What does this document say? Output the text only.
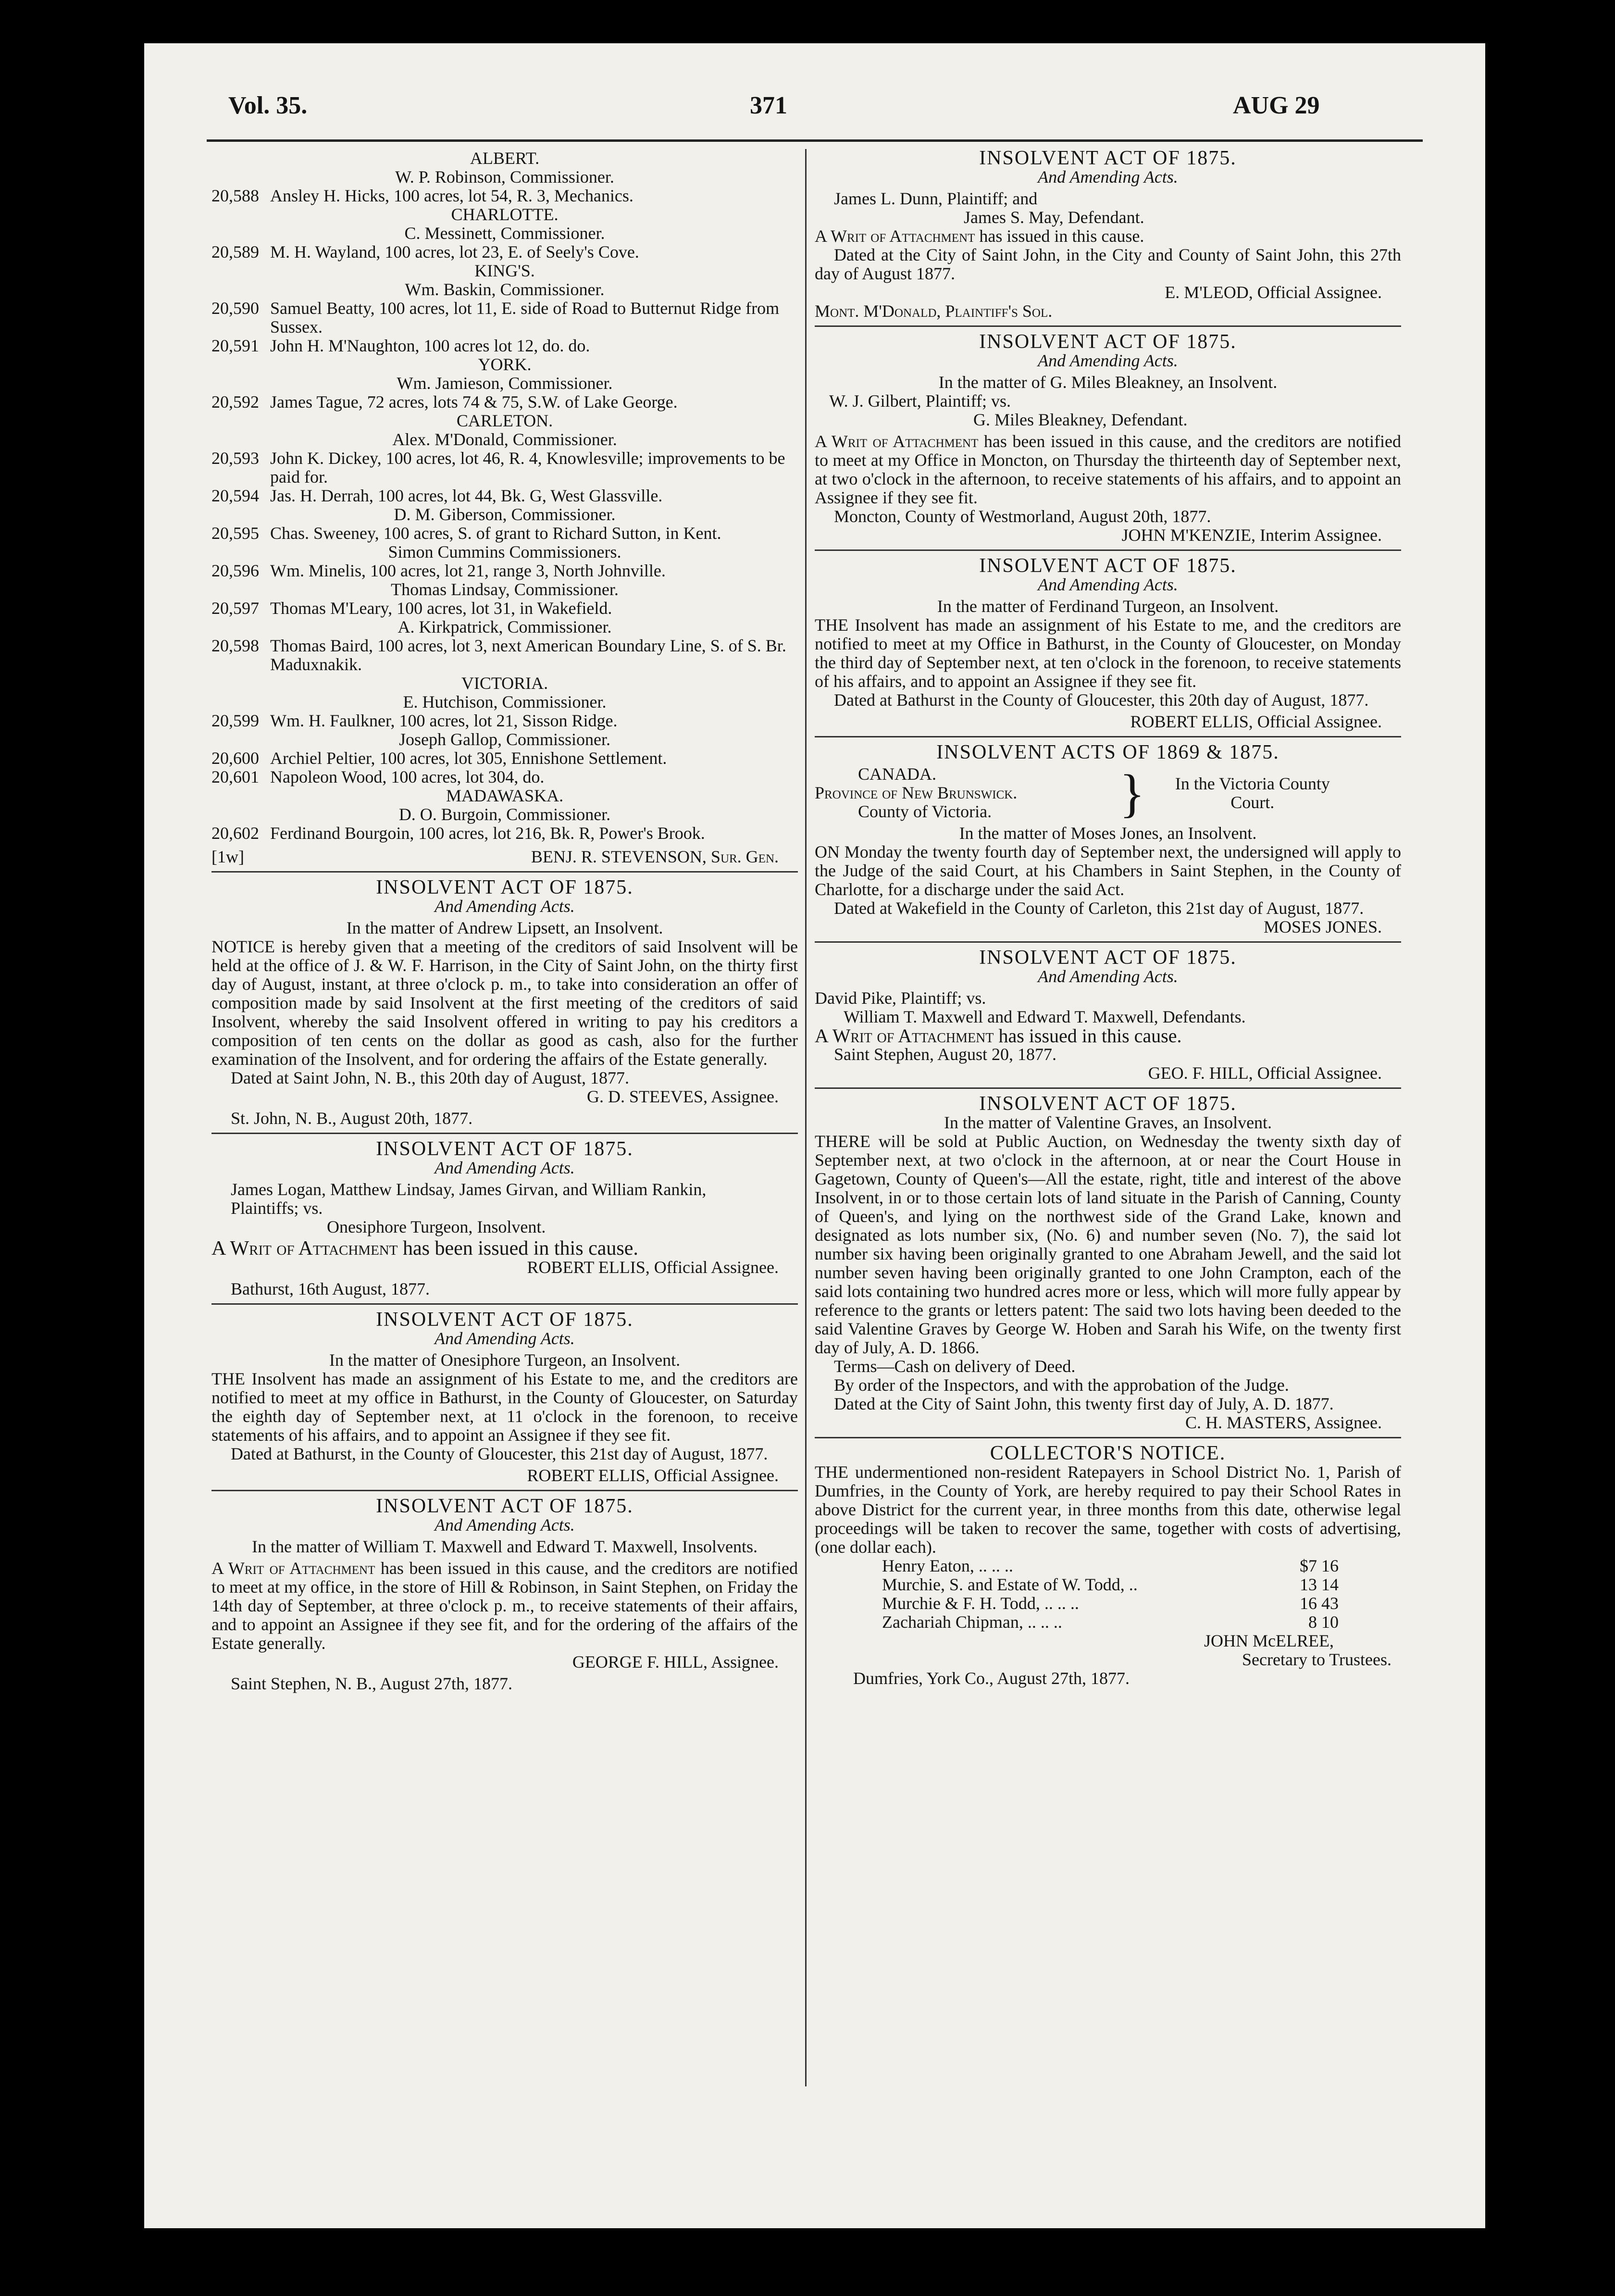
Vol. 35.	371	AUG 29
ALBERT.
W. P. Robinson, Commissioner.
20,588 Ansley H. Hicks, 100 acres, lot 54, R. 3, Mechanics.
CHARLOTTE.
C. Messinett, Commissioner.
20,589 M. H. Wayland, 100 acres, lot 23, E. of Seely's Cove.
KING'S.
Wm. Baskin, Commissioner.
20,590 Samuel Beatty, 100 acres, lot 11, E. side of Road to Butternut Ridge from Sussex.
20,591 John H. M'Naughton, 100 acres lot 12, do. do.
YORK.
Wm. Jamieson, Commissioner.
20,592 James Tague, 72 acres, lots 74 & 75, S.W. of Lake George.
CARLETON.
Alex. M'Donald, Commissioner.
20,593 John K. Dickey, 100 acres, lot 46, R. 4, Knowlesville; improvements to be paid for.
20,594 Jas. H. Derrah, 100 acres, lot 44, Bk. G, West Glassville.
D. M. Giberson, Commissioner.
20,595 Chas. Sweeney, 100 acres, S. of grant to Richard Sutton, in Kent.
Simon Cummins Commissioners.
20,596 Wm. Minelis, 100 acres, lot 21, range 3, North Johnville.
Thomas Lindsay, Commissioner.
20,597 Thomas M'Leary, 100 acres, lot 31, in Wakefield.
A. Kirkpatrick, Commissioner.
20,598 Thomas Baird, 100 acres, lot 3, next American Boundary Line, S. of S. Br. Maduxnakik.
VICTORIA.
E. Hutchison, Commissioner.
20,599 Wm. H. Faulkner, 100 acres, lot 21, Sisson Ridge.
Joseph Gallop, Commissioner.
20,600 Archiel Peltier, 100 acres, lot 305, Ennishone Settlement.
20,601 Napoleon Wood, 100 acres, lot 304, do.
MADAWASKA.
D. O. Burgoin, Commissioner.
20,602 Ferdinand Bourgoin, 100 acres, lot 216, Bk. R, Power's Brook.
[1w]	BENJ. R. STEVENSON, Sur. Gen.
INSOLVENT ACT OF 1875.
And Amending Acts.
In the matter of Andrew Lipsett, an Insolvent.

NOTICE is hereby given that a meeting of the creditors of said Insolvent will be held at the office of J. & W. F. Harrison, in the City of Saint John, on the thirty first day of August, instant, at three o'clock p. m., to take into consideration an offer of composition made by said Insolvent at the first meeting of the creditors of said Insolvent, whereby the said Insolvent offered in writing to pay his creditors a composition of ten cents on the dollar as good as cash, also for the further examination of the Insolvent, and for ordering the affairs of the Estate generally.

Dated at Saint John, N. B., this 20th day of August, 1877.

G. D. STEEVES, Assignee.

St. John, N. B., August 20th, 1877.

INSOLVENT ACT OF 1875.
And Amending Acts.

James Logan, Matthew Lindsay, James Girvan, and William Rankin, Plaintiffs; vs.

Onesiphore Turgeon, Insolvent.

A Writ of Attachment has been issued in this cause.

ROBERT ELLIS, Official Assignee.

Bathurst, 16th August, 1877.

INSOLVENT ACT OF 1875.
And Amending Acts.
In the matter of Onesiphore Turgeon, an Insolvent.

THE Insolvent has made an assignment of his Estate to me, and the creditors are notified to meet at my office in Bathurst, in the County of Gloucester, on Saturday the eighth day of September next, at 11 o'clock in the forenoon, to receive statements of his affairs, and to appoint an Assignee if they see fit.

Dated at Bathurst, in the County of Gloucester, this 21st day of August, 1877.

ROBERT ELLIS, Official Assignee.
INSOLVENT ACT OF 1875.
And Amending Acts.
In the matter of William T. Maxwell and Edward T. Maxwell, Insolvents.

A Writ of Attachment has been issued in this cause, and the creditors are notified to meet at my office, in the store of Hill & Robinson, in Saint Stephen, on Friday the 14th day of September, at three o'clock p. m., to receive statements of their affairs, and to appoint an Assignee if they see fit, and for the ordering of the affairs of the Estate generally.

GEORGE F. HILL, Assignee.

Saint Stephen, N. B., August 27th, 1877.

INSOLVENT ACT OF 1875.
And Amending Acts.

James L. Dunn, Plaintiff; and

James S. May, Defendant.

A Writ of Attachment has issued in this cause.

Dated at the City of Saint John, in the City and County of Saint John, this 27th day of August 1877.

E. M'LEOD, Official Assignee.

Mont. M'Donald, Plaintiff's Sol.

INSOLVENT ACT OF 1875.
And Amending Acts.
In the matter of G. Miles Bleakney, an Insolvent.

W. J. Gilbert, Plaintiff; vs.

G. Miles Bleakney, Defendant.

A Writ of Attachment has been issued in this cause, and the creditors are notified to meet at my Office in Moncton, on Thursday the thirteenth day of September next, at two o'clock in the afternoon, to receive statements of his affairs, and to appoint an Assignee if they see fit.

Moncton, County of Westmorland, August 20th, 1877.

JOHN M'KENZIE, Interim Assignee.
INSOLVENT ACT OF 1875.
And Amending Acts.
In the matter of Ferdinand Turgeon, an Insolvent.

THE Insolvent has made an assignment of his Estate to me, and the creditors are notified to meet at my Office in Bathurst, in the County of Gloucester, on Monday the third day of September next, at ten o'clock in the forenoon, to receive statements of his affairs, and to appoint an Assignee if they see fit.

Dated at Bathurst in the County of Gloucester, this 20th day of August, 1877.

ROBERT ELLIS, Official Assignee.
INSOLVENT ACTS OF 1869 & 1875.
CANADA.
Province of New Brunswick.
County of Victoria.	}	In the Victoria County Court.
In the matter of Moses Jones, an Insolvent.

ON Monday the twenty fourth day of September next, the undersigned will apply to the Judge of the said Court, at his Chambers in Saint Stephen, in the County of Charlotte, for a discharge under the said Act.

Dated at Wakefield in the County of Carleton, this 21st day of August, 1877.

MOSES JONES.
INSOLVENT ACT OF 1875.
And Amending Acts.

David Pike, Plaintiff; vs.

William T. Maxwell and Edward T. Maxwell, Defendants.

A Writ of Attachment has issued in this cause.

Saint Stephen, August 20, 1877.

GEO. F. HILL, Official Assignee.
INSOLVENT ACT OF 1875.
In the matter of Valentine Graves, an Insolvent.

THERE will be sold at Public Auction, on Wednesday the twenty sixth day of September next, at two o'clock in the afternoon, at or near the Court House in Gagetown, County of Queen's—All the estate, right, title and interest of the above Insolvent, in or to those certain lots of land situate in the Parish of Canning, County of Queen's, and lying on the northwest side of the Grand Lake, known and designated as lots number six, (No. 6) and number seven (No. 7), the said lot number six having been originally granted to one Abraham Jewell, and the said lot number seven having been originally granted to one John Crampton, each of the said lots containing two hundred acres more or less, which will more fully appear by reference to the grants or letters patent: The said two lots having been deeded to the said Valentine Graves by George W. Hoben and Sarah his Wife, on the twenty first day of July, A. D. 1866.

Terms—Cash on delivery of Deed.

By order of the Inspectors, and with the approbation of the Judge.

Dated at the City of Saint John, this twenty first day of July, A. D. 1877.

C. H. MASTERS, Assignee.
COLLECTOR'S NOTICE.

THE undermentioned non-resident Ratepayers in School District No. 1, Parish of Dumfries, in the County of York, are hereby required to pay their School Rates in above District for the current year, in three months from this date, otherwise legal proceedings will be taken to recover the same, together with costs of advertising, (one dollar each).

Henry Eaton, .. .. ..	$7 16
Murchie, S. and Estate of W. Todd, ..	13 14
Murchie & F. H. Todd, .. .. ..	16 43
Zachariah Chipman, .. .. ..	8 10
JOHN McELREE,
Secretary to Trustees.

Dumfries, York Co., August 27th, 1877.
